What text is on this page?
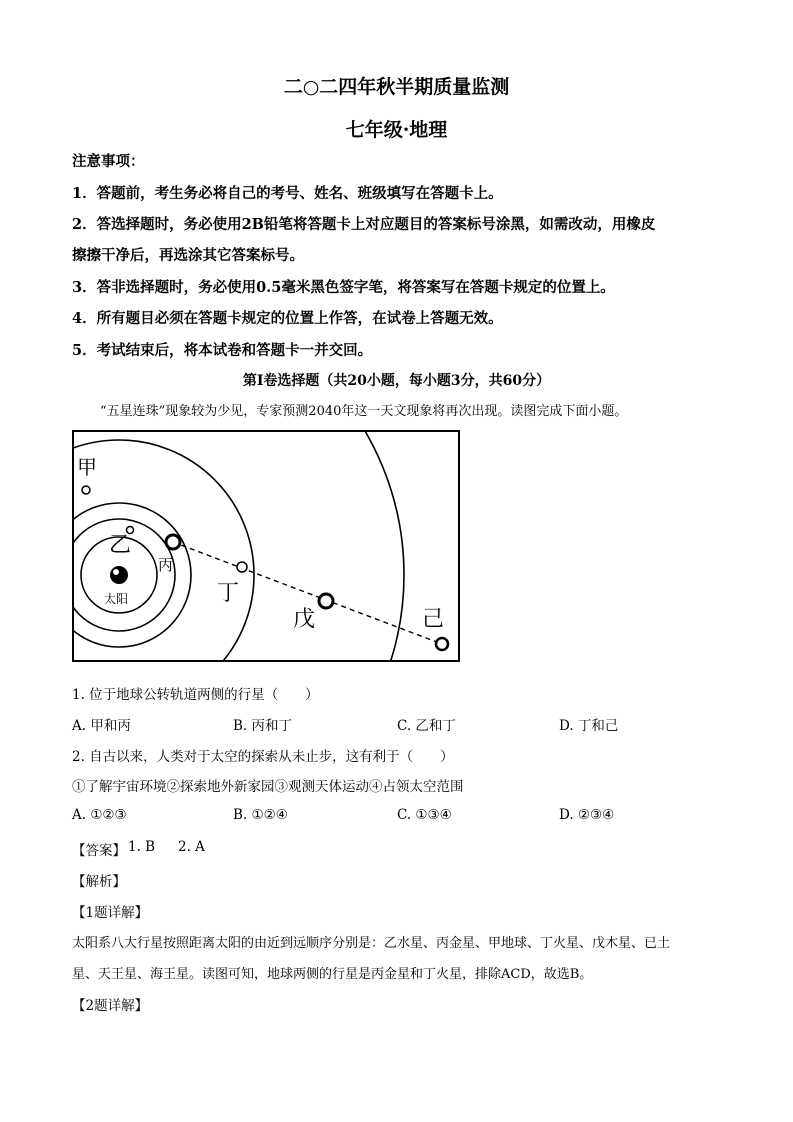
二○二四年秋半期质量监测
七年级·地理
注意事项：
1．答题前，考生务必将自己的考号、姓名、班级填写在答题卡上。
2．答选择题时，务必使用2B铅笔将答题卡上对应题目的答案标号涂黑，如需改动，用橡皮
擦擦干净后，再选涂其它答案标号。
3．答非选择题时，务必使用0.5毫米黑色签字笔，将答案写在答题卡规定的位置上。
4．所有题目必须在答题卡规定的位置上作答，在试卷上答题无效。
5．考试结束后，将本试卷和答题卡一并交回。
第Ⅰ卷选择题（共20小题，每小题3分，共60分）
“五星连珠”现象较为少见，专家预测2040年这一天文现象将再次出现。读图完成下面小题。
甲
乙
丙
丁
戊	己
太阳
1. 位于地球公转轨道两侧的行星（　　）
A. 甲和丙	B. 丙和丁	C. 乙和丁	D. 丁和己
2. 自古以来，人类对于太空的探索从未止步，这有利于（　　）
①了解宇宙环境②探索地外新家园③观测天体运动④占领太空范围
A. ①②③	B. ①②④	C. ①③④	D. ②③④
【答案】 1. B 2. A
【解析】
【1题详解】
太阳系八大行星按照距离太阳的由近到远顺序分别是：乙水星、丙金星、甲地球、丁火星、戊木星、已土
星、天王星、海王星。读图可知，地球两侧的行星是丙金星和丁火星，排除ACD，故选B。
【2题详解】
